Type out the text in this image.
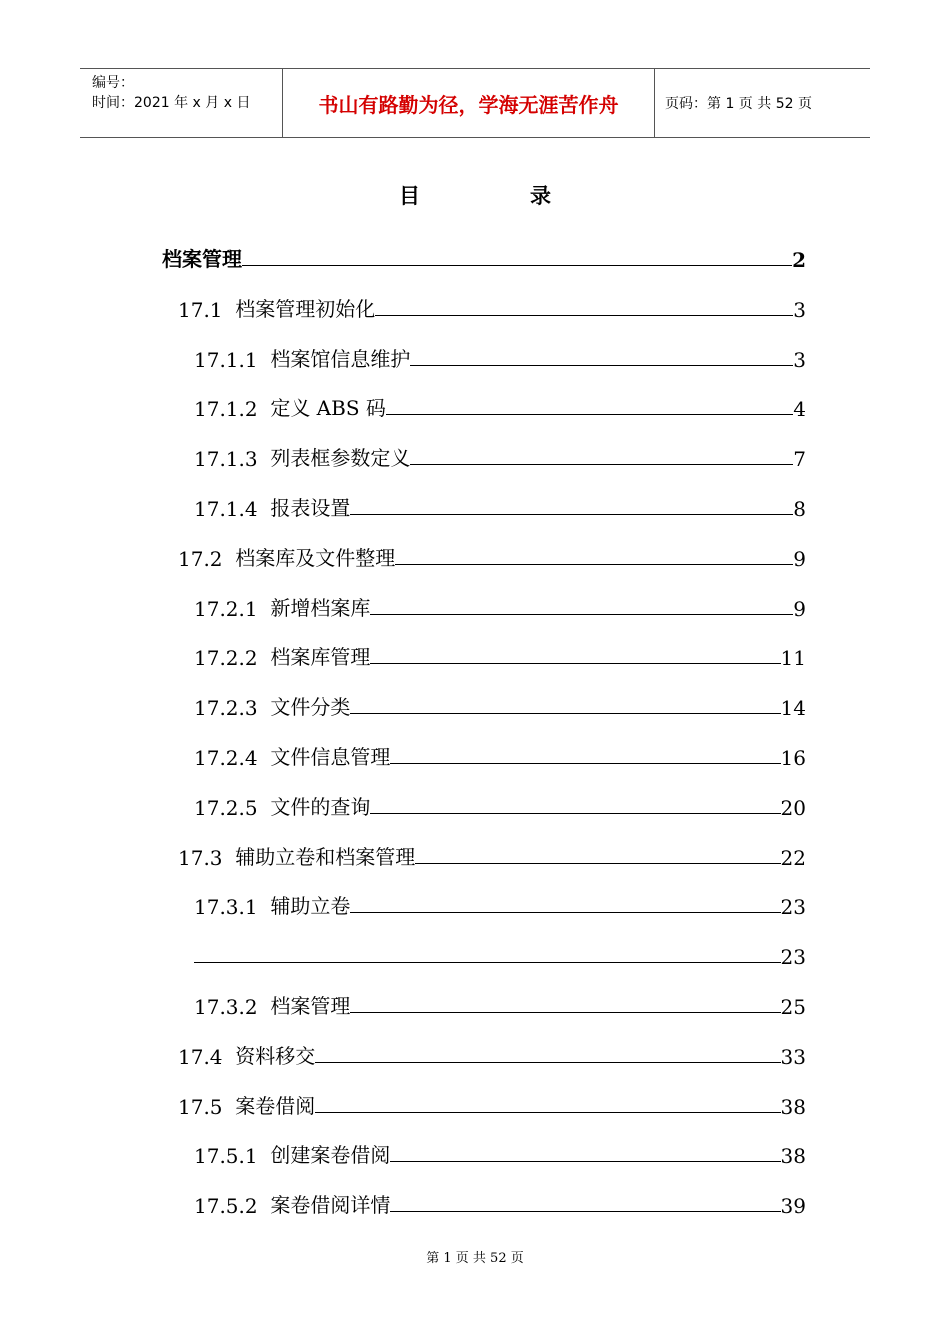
编号：
时间：2021 年 x 月 x 日	书山有路勤为径，学海无涯苦作舟	页码：第 1 页 共 52 页
目	录
档案管理	2
17.1 档案管理初始化	3
17.1.1 档案馆信息维护	3
17.1.2 定义 ABS 码	4
17.1.3 列表框参数定义	7
17.1.4 报表设置	8
17.2 档案库及文件整理	9
17.2.1 新增档案库	9
17.2.2 档案库管理	11
17.2.3 文件分类	14
17.2.4 文件信息管理	16
17.2.5 文件的查询	20
17.3 辅助立卷和档案管理	22
17.3.1 辅助立卷	23
23
17.3.2 档案管理	25
17.4 资料移交	33
17.5 案卷借阅	38
17.5.1 创建案卷借阅	38
17.5.2 案卷借阅详情	39
第 1 页 共 52 页
